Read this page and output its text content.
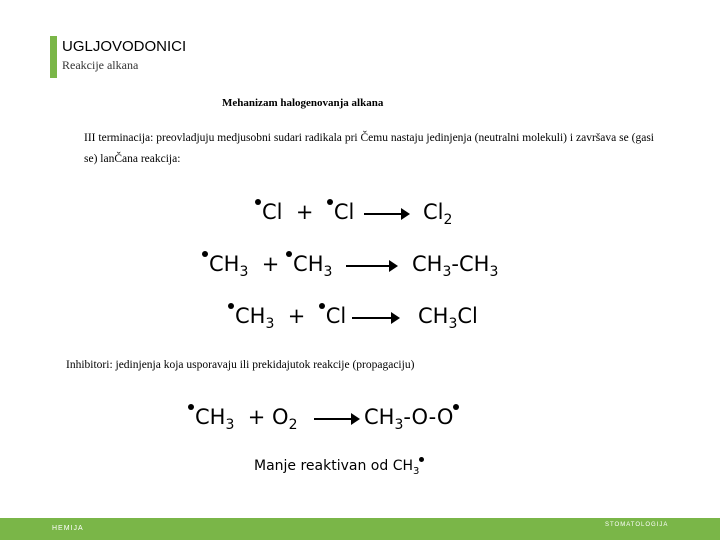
UGLJOVODONICI
Reakcije alkana
Mehanizam halogenovanja alkana
III terminacija: preovladjuju medjusobni sudari radikala pri Čemu nastaju jedinjenja (neutralni molekuli) i završava se (gasi se) lanČana reakcija:
$Cl + Cl \to Cl_2$
$CH_3 + CH_3 \to CH_3-CH_3$
$CH_3 + Cl \to CH_3Cl$
Inhibitori: jedinjenja koja usporavaju ili prekidajutok reakcije (propagaciju)
$CH_3 + O_2 \to CH_3-O-O$
Manje reaktivan od $CH_3$
HEMIJA	STOMATOLOGIJA
